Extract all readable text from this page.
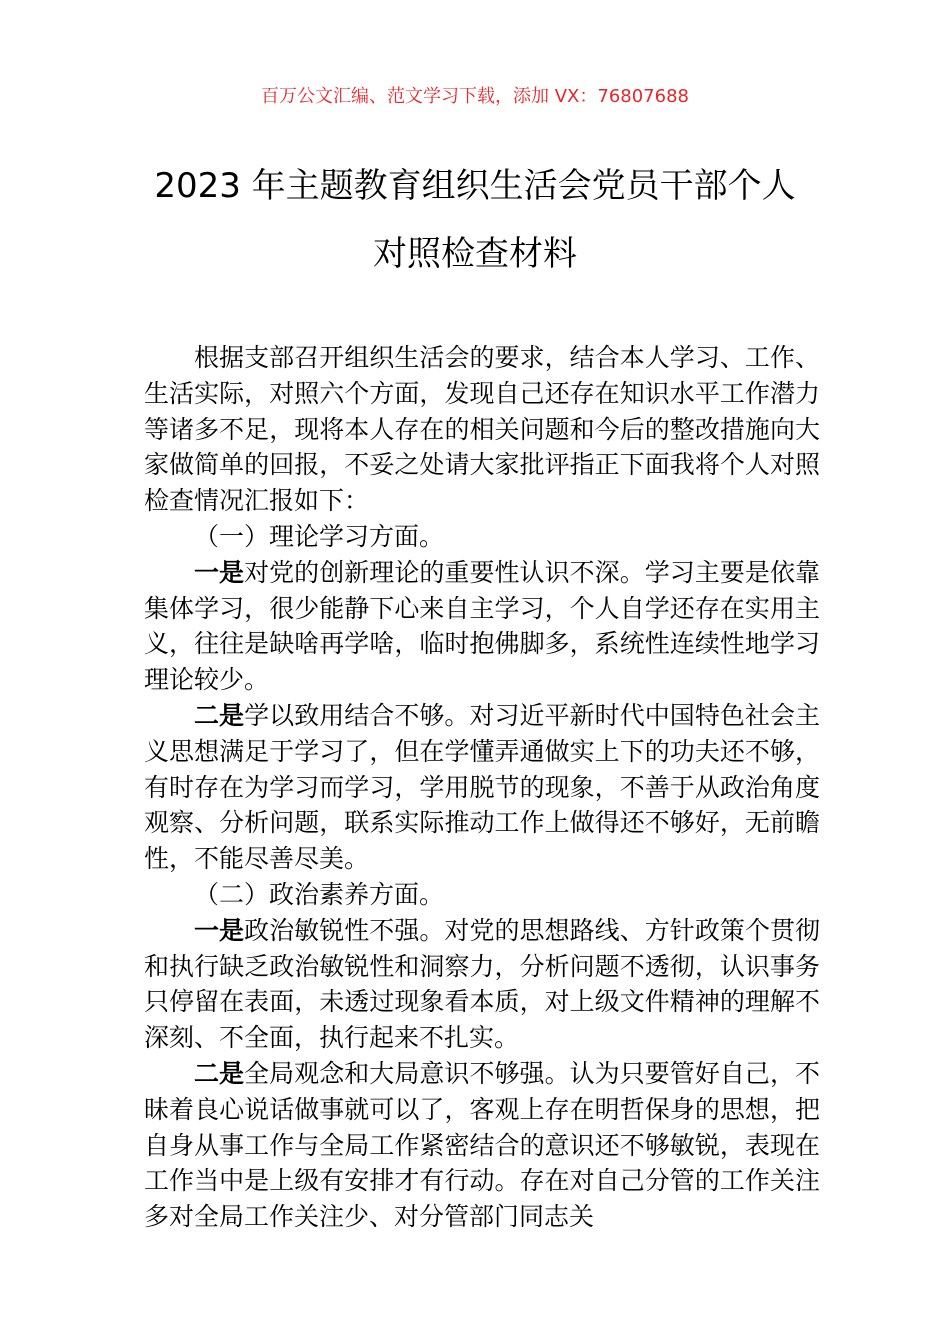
百万公文汇编、范文学习下载，添加 VX：76807688
2023 年主题教育组织生活会党员干部个人
对照检查材料

根据支部召开组织生活会的要求，结合本人学习、工作、生活实际，对照六个方面，发现自己还存在知识水平工作潜力等诸多不足，现将本人存在的相关问题和今后的整改措施向大家做简单的回报，不妥之处请大家批评指正下面我将个人对照检查情况汇报如下：

（一）理论学习方面。

一是对党的创新理论的重要性认识不深。学习主要是依靠集体学习，很少能静下心来自主学习，个人自学还存在实用主义，往往是缺啥再学啥，临时抱佛脚多，系统性连续性地学习理论较少。

二是学以致用结合不够。对习近平新时代中国特色社会主义思想满足于学习了，但在学懂弄通做实上下的功夫还不够，有时存在为学习而学习，学用脱节的现象，不善于从政治角度观察、分析问题，联系实际推动工作上做得还不够好，无前瞻性，不能尽善尽美。

（二）政治素养方面。

一是政治敏锐性不强。对党的思想路线、方针政策个贯彻和执行缺乏政治敏锐性和洞察力，分析问题不透彻，认识事务只停留在表面，未透过现象看本质，对上级文件精神的理解不深刻、不全面，执行起来不扎实。

二是全局观念和大局意识不够强。认为只要管好自己，不昧着良心说话做事就可以了，客观上存在明哲保身的思想，把自身从事工作与全局工作紧密结合的意识还不够敏锐，表现在工作当中是上级有安排才有行动。存在对自己分管的工作关注多对全局工作关注少、对分管部门同志关
